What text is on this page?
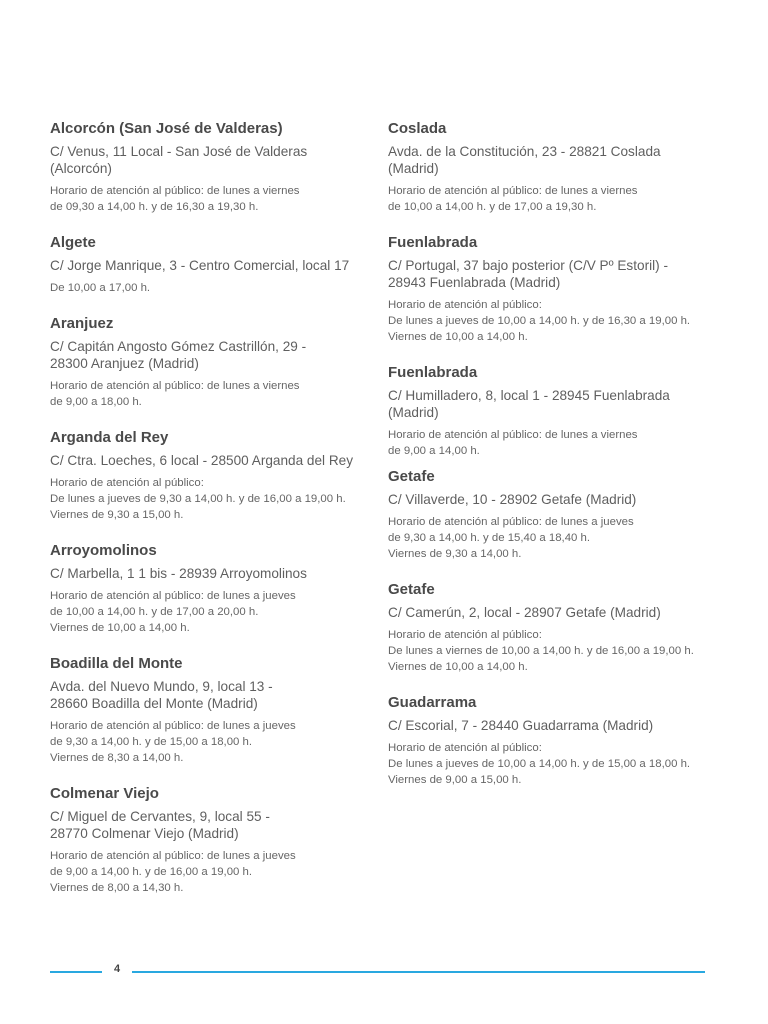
Alcorcón (San José de Valderas)
C/ Venus, 11 Local - San José de Valderas
(Alcorcón)
Horario de atención al público: de lunes a viernes
de 09,30 a 14,00 h. y de 16,30 a 19,30 h.
Algete
C/ Jorge Manrique, 3 - Centro Comercial, local 17
De 10,00 a 17,00 h.
Aranjuez
C/ Capitán Angosto Gómez Castrillón, 29 -
28300 Aranjuez (Madrid)
Horario de atención al público: de lunes a viernes
de 9,00 a 18,00 h.
Arganda del Rey
C/ Ctra. Loeches, 6 local - 28500 Arganda del Rey
Horario de atención al público:
De lunes a jueves de 9,30 a 14,00 h. y de 16,00 a 19,00 h.
Viernes de 9,30 a 15,00 h.
Arroyomolinos
C/ Marbella, 1 1 bis - 28939 Arroyomolinos
Horario de atención al público: de lunes a jueves
de 10,00 a 14,00 h. y de 17,00 a 20,00 h.
Viernes de 10,00 a 14,00 h.
Boadilla del Monte
Avda. del Nuevo Mundo, 9, local 13 -
28660 Boadilla del Monte (Madrid)
Horario de atención al público: de lunes a jueves
de 9,30 a 14,00 h. y de 15,00 a 18,00 h.
Viernes de 8,30 a 14,00 h.
Colmenar Viejo
C/ Miguel de Cervantes, 9, local 55 -
28770 Colmenar Viejo (Madrid)
Horario de atención al público: de lunes a jueves
de 9,00 a 14,00 h. y de 16,00 a 19,00 h.
Viernes de 8,00 a 14,30 h.
Coslada
Avda. de la Constitución, 23 - 28821 Coslada
(Madrid)
Horario de atención al público: de lunes a viernes
de 10,00 a 14,00 h. y de 17,00 a 19,30 h.
Fuenlabrada
C/ Portugal, 37 bajo posterior (C/V Pº Estoril) -
28943 Fuenlabrada (Madrid)
Horario de atención al público:
De lunes a jueves de 10,00 a 14,00 h. y de 16,30 a 19,00 h.
Viernes de 10,00 a 14,00 h.
Fuenlabrada
C/ Humilladero, 8, local 1 - 28945 Fuenlabrada
(Madrid)
Horario de atención al público: de lunes a viernes
de 9,00 a 14,00 h.
Getafe
C/ Villaverde, 10 - 28902 Getafe (Madrid)
Horario de atención al público: de lunes a jueves
de 9,30 a 14,00 h. y de 15,40 a 18,40 h.
Viernes de 9,30 a 14,00 h.
Getafe
C/ Camerún, 2, local - 28907 Getafe (Madrid)
Horario de atención al público:
De lunes a viernes de 10,00 a 14,00 h. y de 16,00 a 19,00 h.
Viernes de 10,00 a 14,00 h.
Guadarrama
C/ Escorial, 7 - 28440 Guadarrama (Madrid)
Horario de atención al público:
De lunes a jueves de 10,00 a 14,00 h. y de 15,00 a 18,00 h.
Viernes de 9,00 a 15,00 h.
4
